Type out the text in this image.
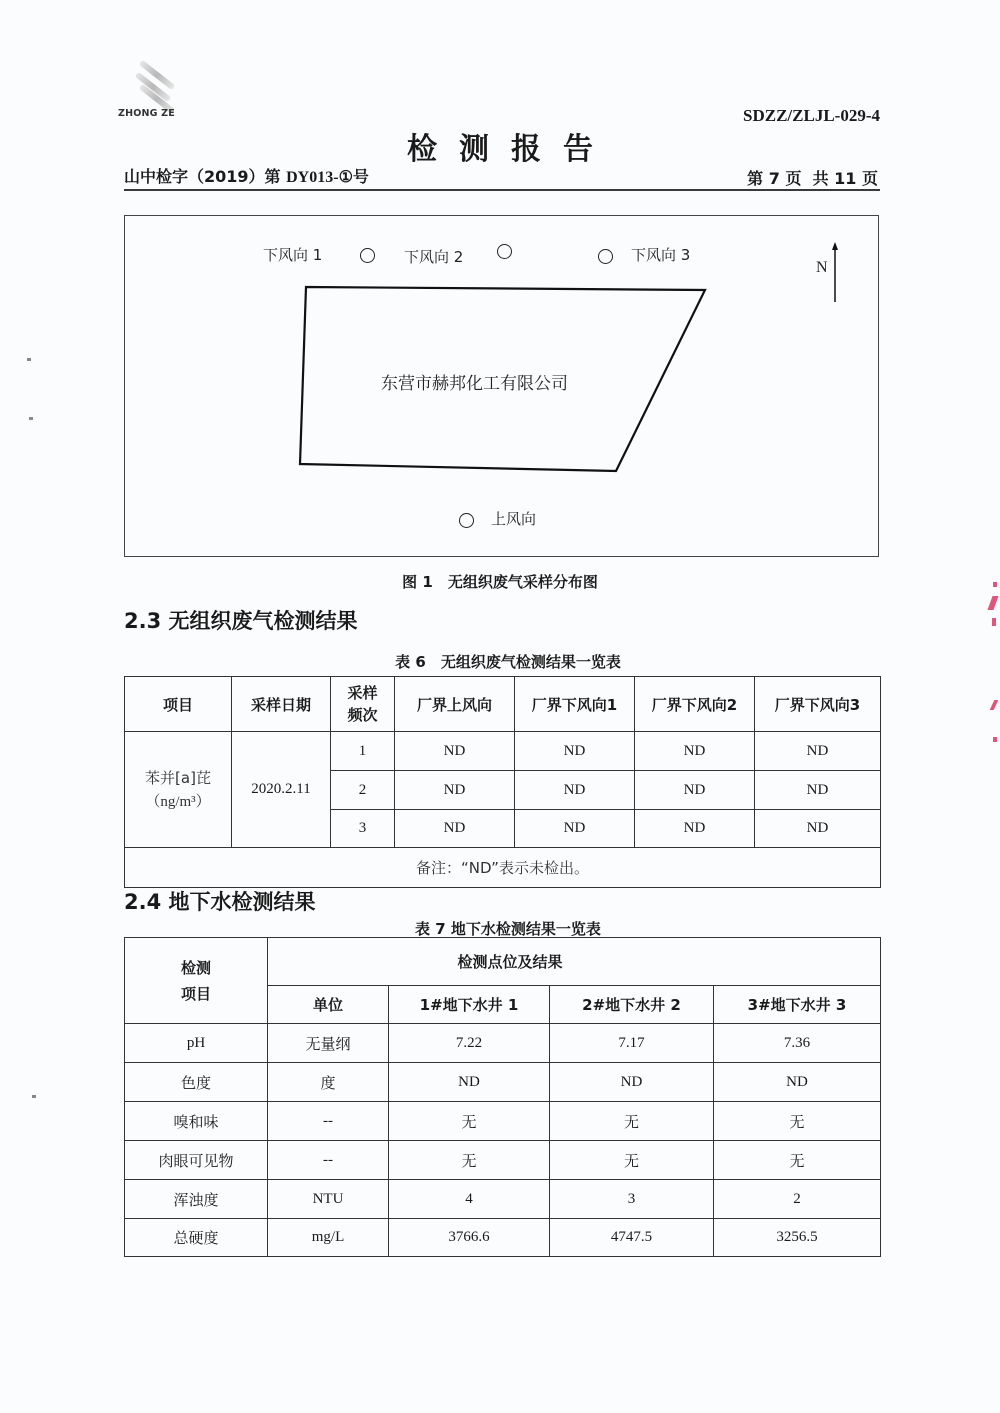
ZHONG ZE	SDZZ/ZLJL-029-4
检测报告
山中检字（2019）第 DY013-①号	第 7 页  共 11 页
下风向 1	下风向 2	下风向 3
N
东营市赫邦化工有限公司
上风向
图 1　无组织废气采样分布图
2.3 无组织废气检测结果
表 6　无组织废气检测结果一览表
项目	采样日期	采样频次	厂界上风向	厂界下风向1	厂界下风向2	厂界下风向3

苯并[a]芘
（ng/m³）	2020.2.11	1	ND	ND	ND	ND
		2	ND	ND	ND	ND
		3	ND	ND	ND	ND
备注：“ND”表示未检出。						
2.4 地下水检测结果
表 7 地下水检测结果一览表
检测
项目	检测点位及结果			
	单位	1#地下水井 1	2#地下水井 2	3#地下水井 3
pH	无量纲	7.22	7.17	7.36
色度	度	ND	ND	ND
嗅和味	--	无	无	无
肉眼可见物	--	无	无	无
浑浊度	NTU	4	3	2
总硬度	mg/L	3766.6	4747.5	3256.5
